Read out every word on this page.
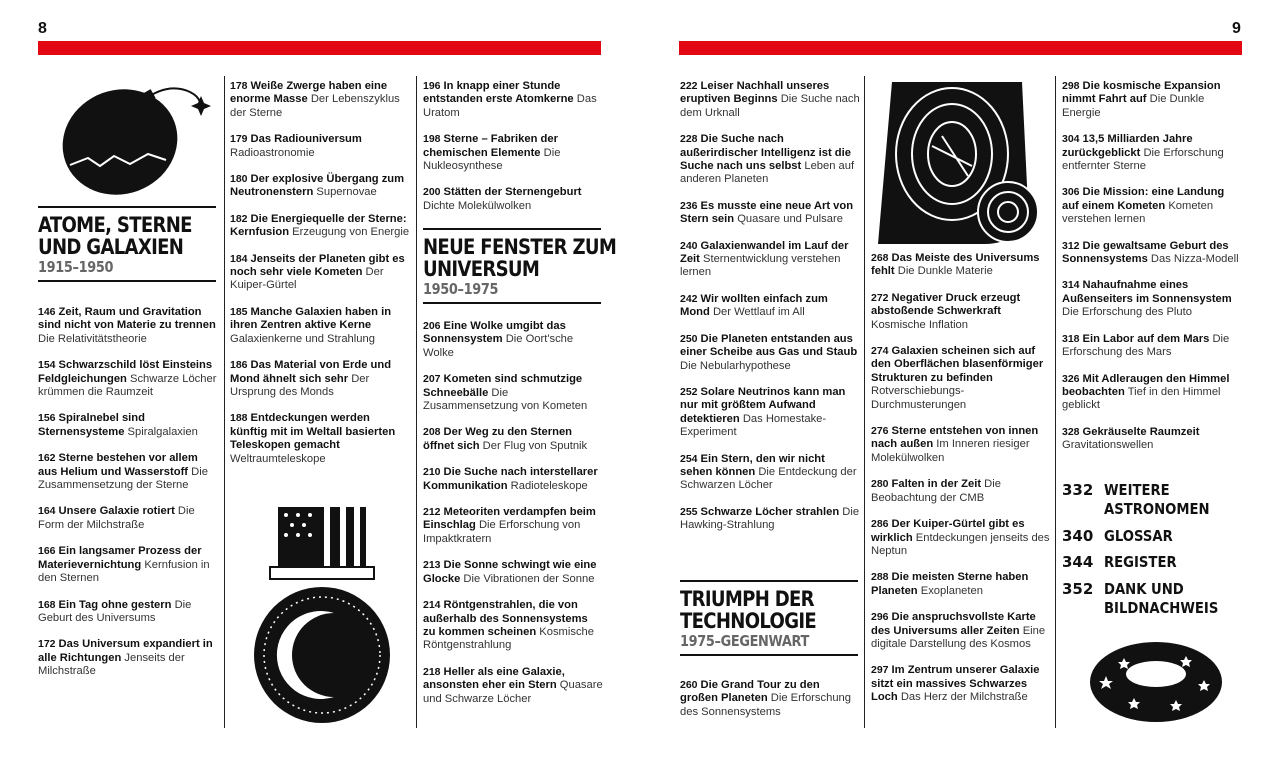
8	9
ATOME, STERNE
UND GALAXIEN
1915–1950
NEUE FENSTER ZUM
UNIVERSUM
1950–1975
TRIUMPH DER
TECHNOLOGIE
1975–GEGENWART
146 Zeit, Raum und Gravitation sind nicht von Materie zu trennen Die Relativitätstheorie
154 Schwarzschild löst Einsteins Feldgleichungen Schwarze Löcher krümmen die Raumzeit
156 Spiralnebel sind Sternensysteme Spiralgalaxien
162 Sterne bestehen vor allem aus Helium und Wasserstoff Die Zusammensetzung der Sterne
164 Unsere Galaxie rotiert Die Form der Milchstraße
166 Ein langsamer Prozess der Materievernichtung Kernfusion in den Sternen
168 Ein Tag ohne gestern Die Geburt des Universums
172 Das Universum expandiert in alle Richtungen Jenseits der Milchstraße
178 Weiße Zwerge haben eine enorme Masse Der Lebenszyklus der Sterne
179 Das Radiouniversum Radioastronomie
180 Der explosive Übergang zum Neutronenstern Supernovae
182 Die Energiequelle der Sterne: Kernfusion Erzeugung von Energie
184 Jenseits der Planeten gibt es noch sehr viele Kometen Der Kuiper-Gürtel
185 Manche Galaxien haben in ihren Zentren aktive Kerne Galaxienkerne und Strahlung
186 Das Material von Erde und Mond ähnelt sich sehr Der Ursprung des Monds
188 Entdeckungen werden künftig mit im Weltall basierten Teleskopen gemacht Weltraumteleskope
196 In knapp einer Stunde entstanden erste Atomkerne Das Uratom
198 Sterne – Fabriken der chemischen Elemente Die Nukleosynthese
200 Stätten der Sternengeburt Dichte Molekülwolken
206 Eine Wolke umgibt das Sonnensystem Die Oort'sche Wolke
207 Kometen sind schmutzige Schneebälle Die Zusammensetzung von Kometen
208 Der Weg zu den Sternen öffnet sich Der Flug von Sputnik
210 Die Suche nach interstellarer Kommunikation Radioteleskope
212 Meteoriten verdampfen beim Einschlag Die Erforschung von Impaktkratern
213 Die Sonne schwingt wie eine Glocke Die Vibrationen der Sonne
214 Röntgenstrahlen, die von außerhalb des Sonnensystems zu kommen scheinen Kosmische Röntgenstrahlung
218 Heller als eine Galaxie, ansonsten eher ein Stern Quasare und Schwarze Löcher
222 Leiser Nachhall unseres eruptiven Beginns Die Suche nach dem Urknall
228 Die Suche nach außerirdischer Intelligenz ist die Suche nach uns selbst Leben auf anderen Planeten
236 Es musste eine neue Art von Stern sein Quasare und Pulsare
240 Galaxienwandel im Lauf der Zeit Sternentwicklung verstehen lernen
242 Wir wollten einfach zum Mond Der Wettlauf im All
250 Die Planeten entstanden aus einer Scheibe aus Gas und Staub Die Nebularhypothese
252 Solare Neutrinos kann man nur mit größtem Aufwand detektieren Das Homestake-Experiment
254 Ein Stern, den wir nicht sehen können Die Entdeckung der Schwarzen Löcher
255 Schwarze Löcher strahlen Die Hawking-Strahlung
260 Die Grand Tour zu den großen Planeten Die Erforschung des Sonnensystems
268 Das Meiste des Universums fehlt Die Dunkle Materie
272 Negativer Druck erzeugt abstoßende Schwerkraft Kosmische Inflation
274 Galaxien scheinen sich auf den Oberflächen blasenförmiger Strukturen zu befinden Rotverschiebungs-Durchmusterungen
276 Sterne entstehen von innen nach außen Im Inneren riesiger Molekülwolken
280 Falten in der Zeit Die Beobachtung der CMB
286 Der Kuiper-Gürtel gibt es wirklich Entdeckungen jenseits des Neptun
288 Die meisten Sterne haben Planeten Exoplaneten
296 Die anspruchsvollste Karte des Universums aller Zeiten Eine digitale Darstellung des Kosmos
297 Im Zentrum unserer Galaxie sitzt ein massives Schwarzes Loch Das Herz der Milchstraße
298 Die kosmische Expansion nimmt Fahrt auf Die Dunkle Energie
304 13,5 Milliarden Jahre zurückgeblickt Die Erforschung entfernter Sterne
306 Die Mission: eine Landung auf einem Kometen Kometen verstehen lernen
312 Die gewaltsame Geburt des Sonnensystems Das Nizza-Modell
314 Nahaufnahme eines Außenseiters im Sonnensystem Die Erforschung des Pluto
318 Ein Labor auf dem Mars Die Erforschung des Mars
326 Mit Adleraugen den Himmel beobachten Tief in den Himmel geblickt
328 Gekräuselte Raumzeit Gravitationswellen
332 WEITERE
ASTRONOMEN
340 GLOSSAR
344 REGISTER
352 DANK UND
BILDNACHWEIS
